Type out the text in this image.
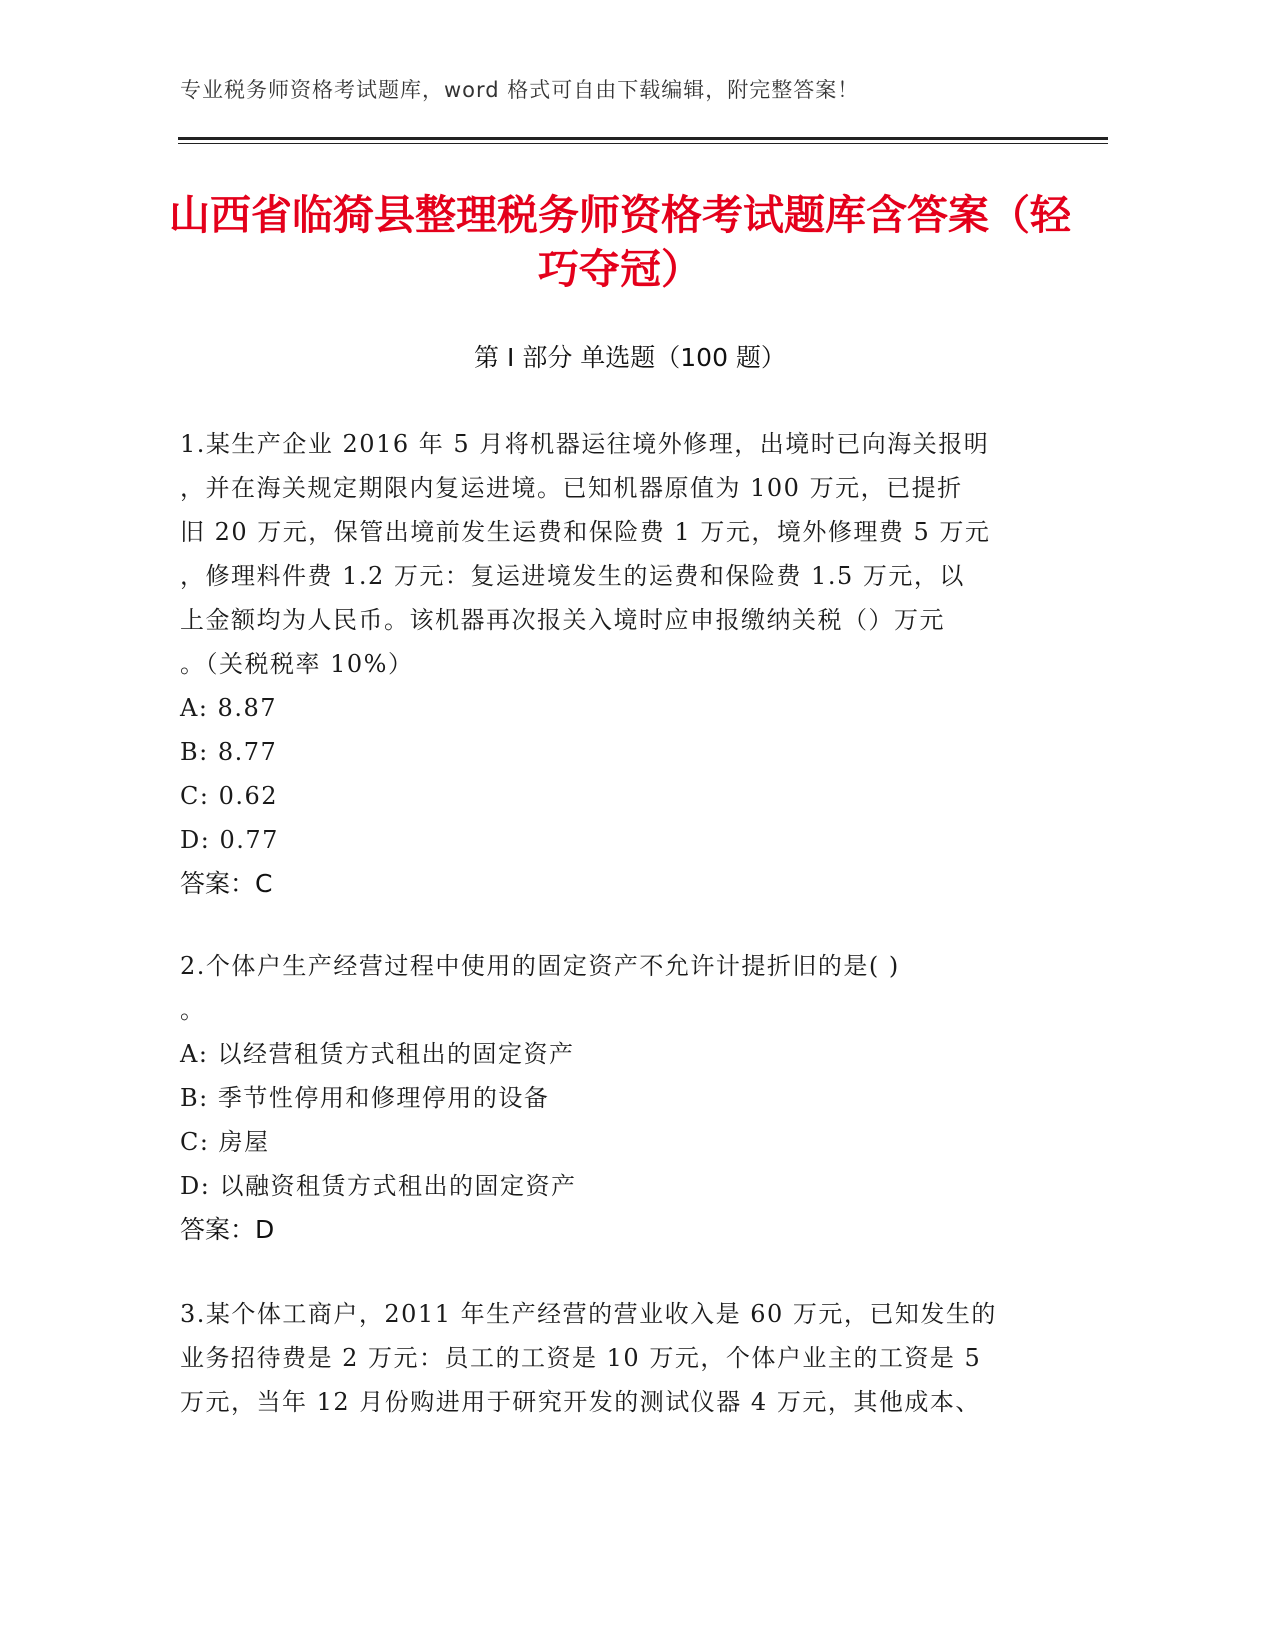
专业税务师资格考试题库，word 格式可自由下载编辑，附完整答案！
山西省临猗县整理税务师资格考试题库含答案（轻巧夺冠）
第 I 部分 单选题（100 题）

1.某生产企业 2016 年 5 月将机器运往境外修理，出境时已向海关报明

，并在海关规定期限内复运进境。已知机器原值为 100 万元，已提折

旧 20 万元，保管出境前发生运费和保险费 1 万元，境外修理费 5 万元

，修理料件费 1.2 万元：复运进境发生的运费和保险费 1.5 万元，以

上金额均为人民币。该机器再次报关入境时应申报缴纳关税（）万元

。（关税税率 10%）

A: 8.87

B: 8.77

C: 0.62

D: 0.77

答案：C

2.个体户生产经营过程中使用的固定资产不允许计提折旧的是( )

。

A: 以经营租赁方式租出的固定资产

B: 季节性停用和修理停用的设备

C: 房屋

D: 以融资租赁方式租出的固定资产

答案：D

3.某个体工商户，2011 年生产经营的营业收入是 60 万元，已知发生的

业务招待费是 2 万元：员工的工资是 10 万元，个体户业主的工资是 5

万元，当年 12 月份购进用于研究开发的测试仪器 4 万元，其他成本、
